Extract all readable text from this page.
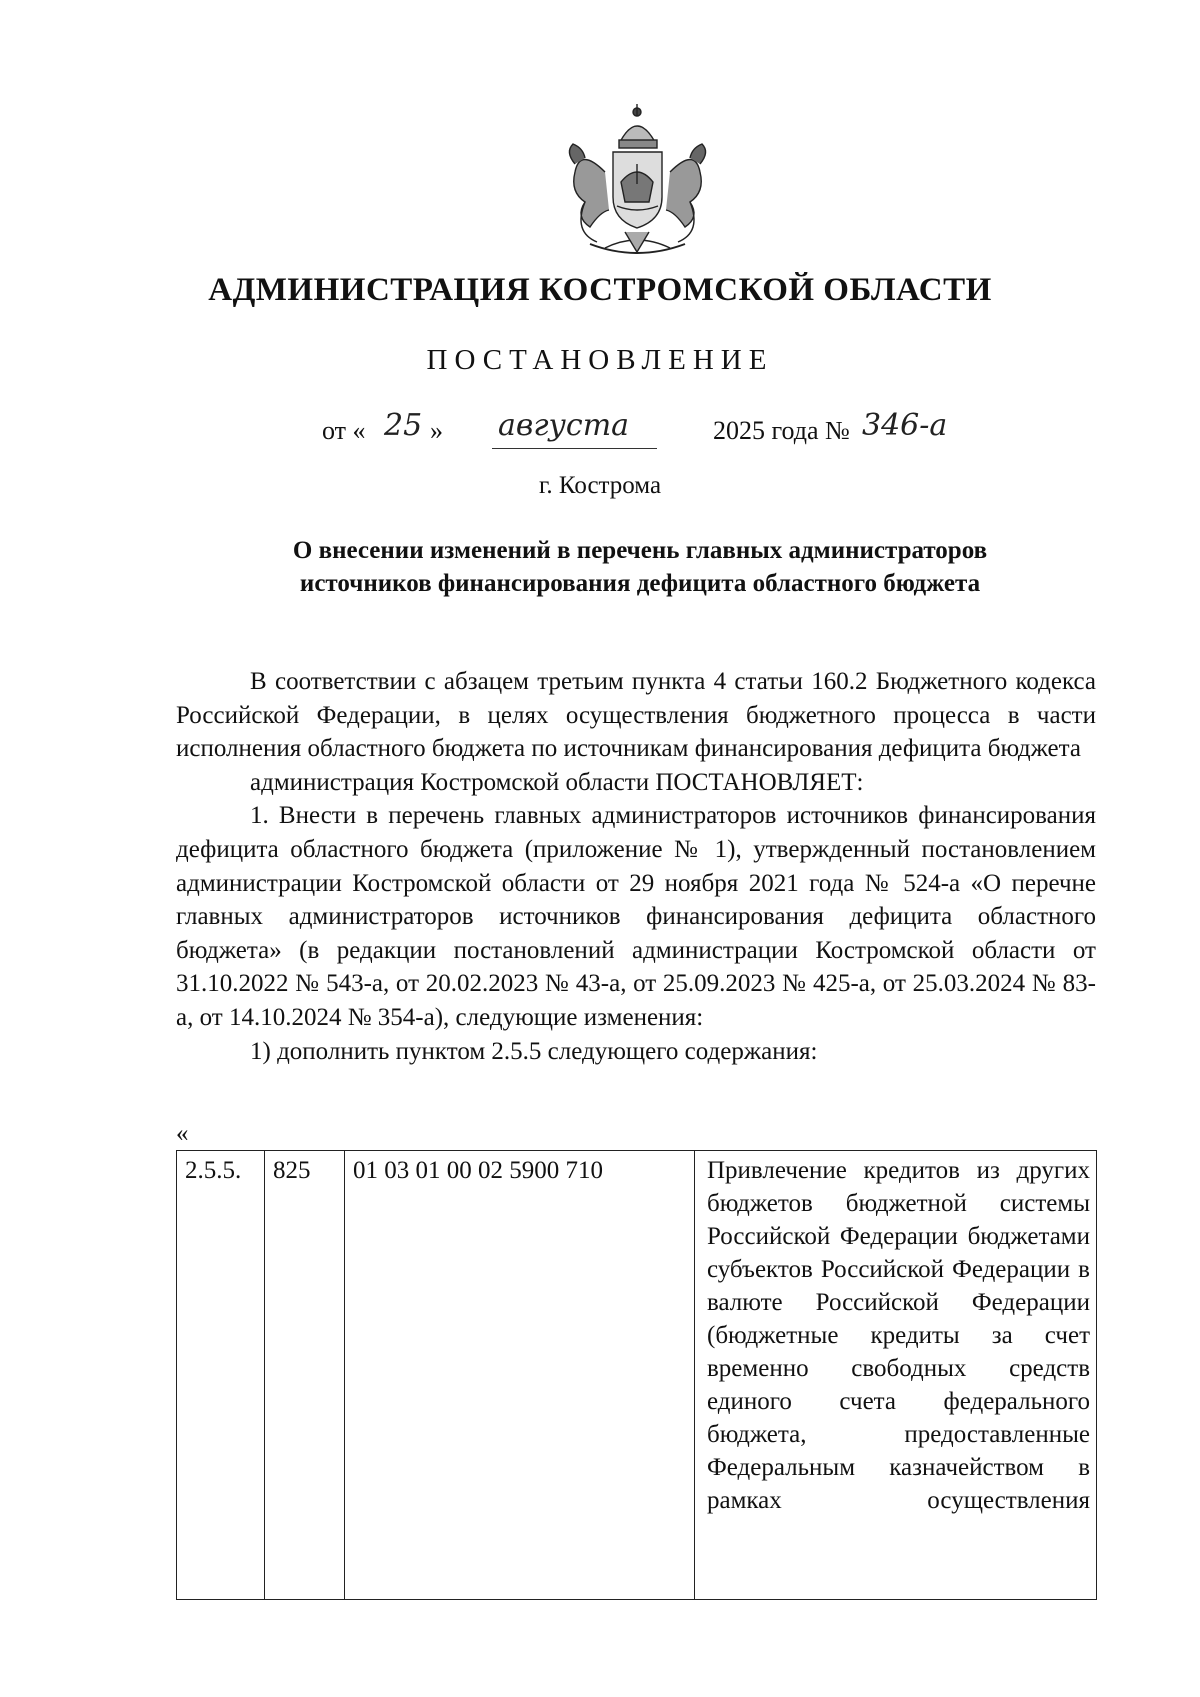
АДМИНИСТРАЦИЯ КОСТРОМСКОЙ ОБЛАСТИ
ПОСТАНОВЛЕНИЕ
от « 25 » августа	2025 года № 346-а
г. Кострома
О внесении изменений в перечень главных администраторов
источников финансирования дефицита областного бюджета

В соответствии с абзацем третьим пункта 4 статьи 160.2 Бюджетного кодекса Российской Федерации, в целях осуществления бюджетного процесса в части исполнения областного бюджета по источникам финансирования дефицита бюджета

администрация Костромской области ПОСТАНОВЛЯЕТ:

1. Внести в перечень главных администраторов источников финансирования дефицита областного бюджета (приложение № 1), утвержденный постановлением администрации Костромской области от 29 ноября 2021 года № 524-а «О перечне главных администраторов источников финансирования дефицита областного бюджета» (в редакции постановлений администрации Костромской области от 31.10.2022 № 543-а, от 20.02.2023 № 43-а, от 25.09.2023 № 425-а, от 25.03.2024 № 83-а, от 14.10.2024 № 354-а), следующие изменения:

1) дополнить пунктом 2.5.5 следующего содержания:

«
2.5.5.	825	01 03 01 00 02 5900 710	Привлечение кредитов из других бюджетов бюджетной системы Российской Федерации бюджетами субъектов Российской Федерации в валюте Российской Федерации (бюджетные кредиты за счет временно свободных средств единого счета федерального бюджета, предоставленные Федеральным казначейством в рамках осуществления
